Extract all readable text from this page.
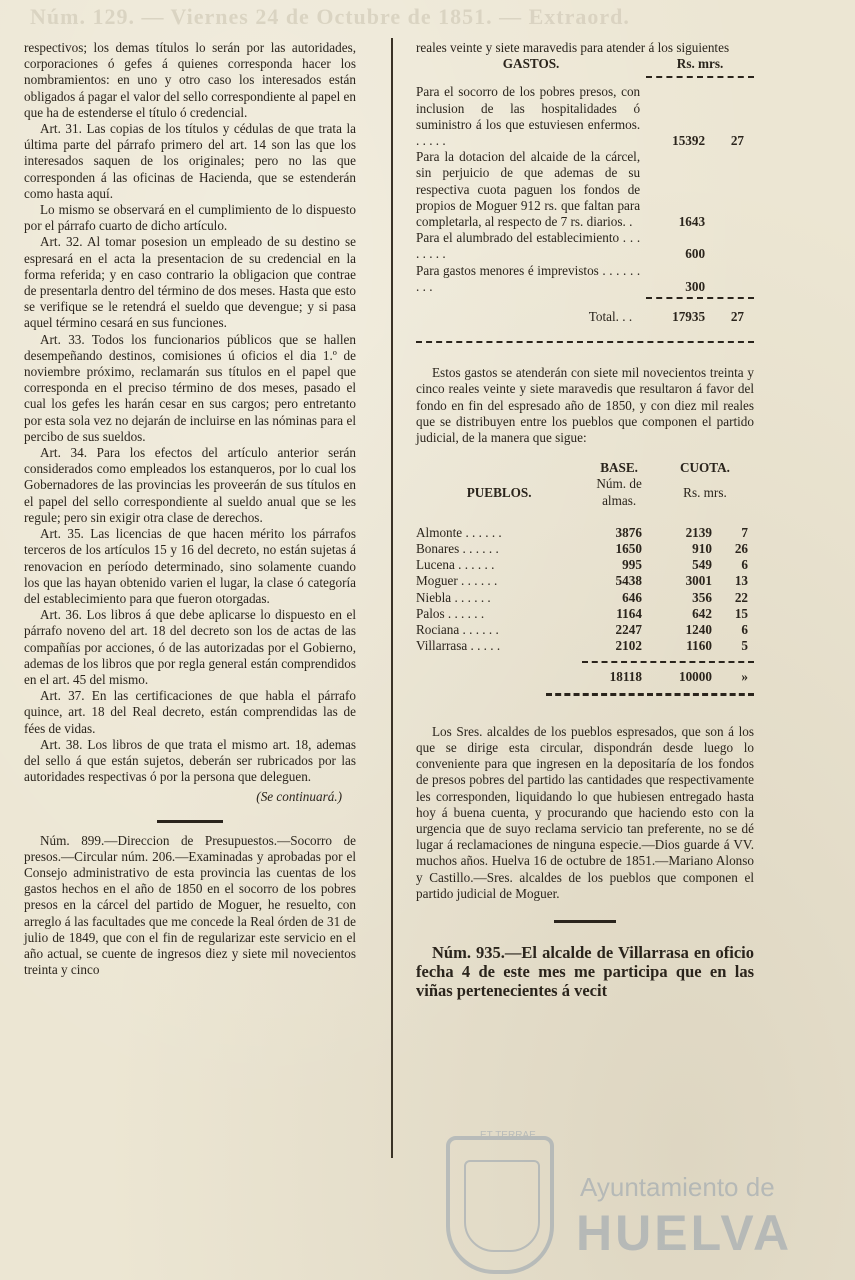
Núm. 129. — Viernes 24 de Octubre de 1851. — Extraord.

respectivos; los demas títulos lo serán por las autoridades, corporaciones ó gefes á quienes corresponda hacer los nombramientos: en uno y otro caso los interesados están obligados á pagar el valor del sello correspondiente al papel en que ha de estenderse el título ó credencial.

Art. 31. Las copias de los títulos y cédulas de que trata la última parte del párrafo primero del art. 14 son las que los interesados saquen de los originales; pero no las que corresponden á las oficinas de Hacienda, que se estenderán como hasta aquí.

Lo mismo se observará en el cumplimiento de lo dispuesto por el párrafo cuarto de dicho artículo.

Art. 32. Al tomar posesion un empleado de su destino se espresará en el acta la presentacion de su credencial en la forma referida; y en caso contrario la obligacion que contrae de presentarla dentro del término de dos meses. Hasta que esto se verifique se le retendrá el sueldo que devengue; y si pasa aquel término cesará en sus funciones.

Art. 33. Todos los funcionarios públicos que se hallen desempeñando destinos, comisiones ú oficios el dia 1.º de noviembre próximo, reclamarán sus títulos en el papel que corresponda en el preciso término de dos meses, pasado el cual los gefes les harán cesar en sus cargos; pero entretanto por esta sola vez no dejarán de incluirse en las nóminas para el percibo de sus sueldos.

Art. 34. Para los efectos del artículo anterior serán considerados como empleados los estanqueros, por lo cual los Gobernadores de las provincias les proveerán de sus títulos en el papel del sello correspondiente al sueldo anual que se les regule; pero sin exigir otra clase de derechos.

Art. 35. Las licencias de que hacen mérito los párrafos terceros de los artículos 15 y 16 del decreto, no están sujetas á renovacion en período determinado, sino solamente cuando los que las hayan obtenido varien el lugar, la clase ó categoría del establecimiento para que fueron otorgadas.

Art. 36. Los libros á que debe aplicarse lo dispuesto en el párrafo noveno del art. 18 del decreto son los de actas de las compañías por acciones, ó de las autorizadas por el Gobierno, ademas de los libros que por regla general están comprendidos en el art. 45 del mismo.

Art. 37. En las certificaciones de que habla el párrafo quince, art. 18 del Real decreto, están comprendidas las de fées de vidas.

Art. 38. Los libros de que trata el mismo art. 18, ademas del sello á que están sujetos, deberán ser rubricados por las autoridades respectivas ó por la persona que deleguen.

(Se continuará.)

Núm. 899.—Direccion de Presupuestos.—Socorro de presos.—Circular núm. 206.—Examinadas y aprobadas por el Consejo administrativo de esta provincia las cuentas de los gastos hechos en el año de 1850 en el socorro de los pobres presos en la cárcel del partido de Moguer, he resuelto, con arreglo á las facultades que me concede la Real órden de 31 de julio de 1849, que con el fin de regularizar este servicio en el año actual, se cuente de ingresos diez y siete mil novecientos treinta y cinco

reales veinte y siete maravedis para atender á los siguientes

GASTOS.	Rs. mrs.	

Para el socorro de los pobres presos, con inclusion de las hospitalidades ó suministro á los que estuviesen enfermos. . . . . .	15392	27
Para la dotacion del alcaide de la cárcel, sin perjuicio de que ademas de su respectiva cuota paguen los fondos de propios de Moguer 912 rs. que faltan para completarla, al respecto de 7 rs. diarios. .	1643	
Para el alumbrado del establecimiento . . . . . . . .	600	
Para gastos menores é imprevistos . . . . . . . . .	300	

Total. . .	17935	27

Estos gastos se atenderán con siete mil novecientos treinta y cinco reales veinte y siete maravedis que resultaron á favor del fondo en fin del espresado año de 1850, y con diez mil reales que se distribuyen entre los pueblos que componen el partido judicial, de la manera que sigue:

	BASE.	CUOTA.	
PUEBLOS.	Núm. de almas.	Rs. mrs.	

Almonte . . . . . .	3876	2139	7
Bonares . . . . . .	1650	910	26
Lucena . . . . . .	995	549	6
Moguer . . . . . .	5438	3001	13
Niebla . . . . . .	646	356	22
Palos . . . . . .	1164	642	15
Rociana . . . . . .	2247	1240	6
Villarrasa . . . . .	2102	1160	5

	18118	10000	»

Los Sres. alcaldes de los pueblos espresados, que son á los que se dirige esta circular, dispondrán desde luego lo conveniente para que ingresen en la depositaría de los fondos de presos pobres del partido las cantidades que respectivamente les corresponden, liquidando lo que hubiesen entregado hasta hoy á buena cuenta, y procurando que haciendo esto con la urgencia que de suyo reclama servicio tan preferente, no se dé lugar á reclamaciones de ninguna especie.—Dios guarde á VV. muchos años. Huelva 16 de octubre de 1851.—Mariano Alonso y Castillo.—Sres. alcaldes de los pueblos que componen el partido judicial de Moguer.

Núm. 935.—El alcalde de Villarrasa en oficio fecha 4 de este mes me participa que en las viñas pertenecientes á vecit

ET TERRAE
Ayuntamiento de
HUELVA
